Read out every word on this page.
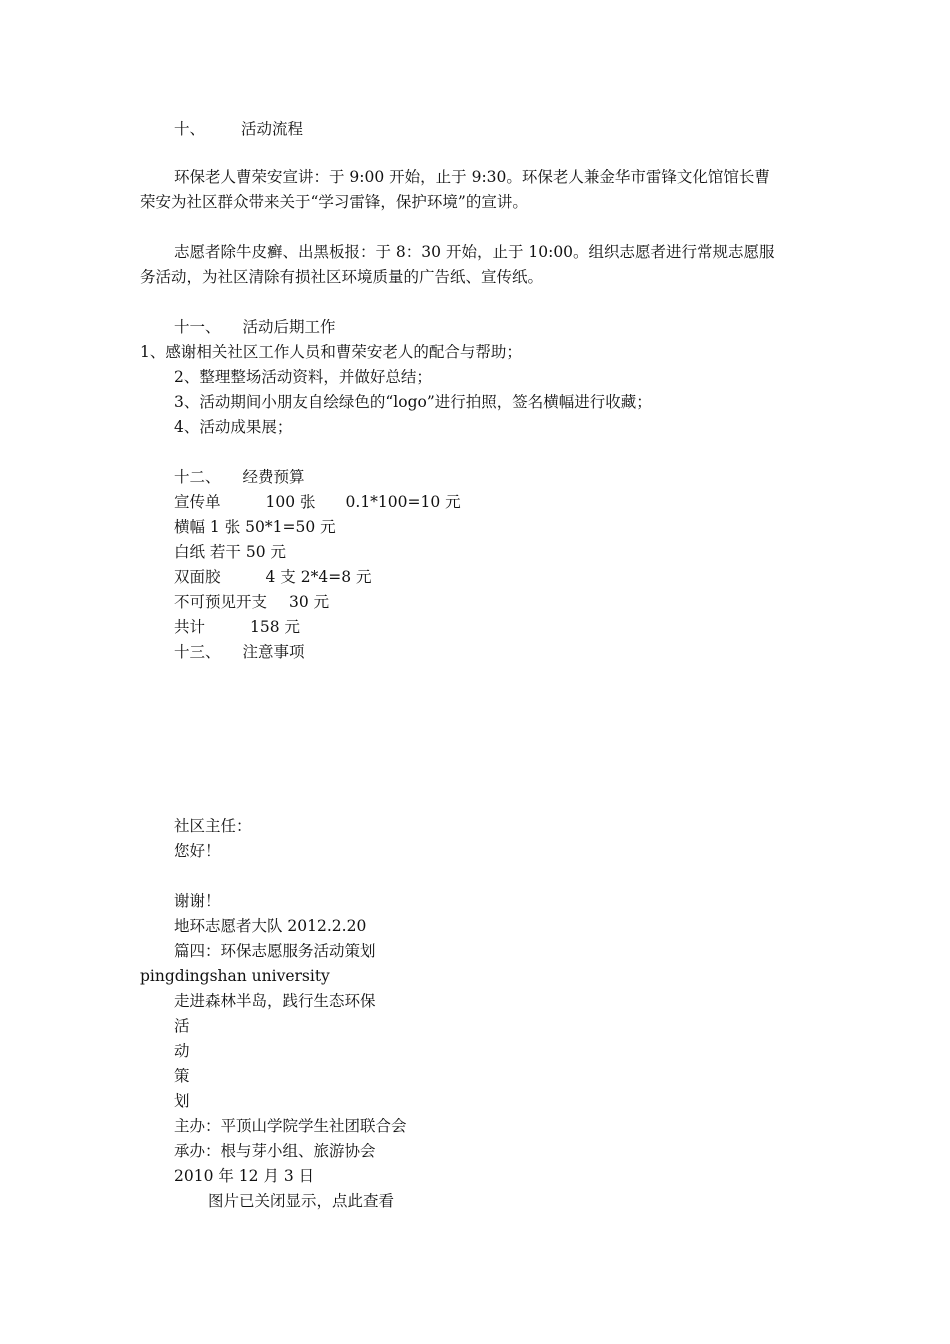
十、 活动流程
环保老人曹荣安宣讲：于 9:00 开始，止于 9:30。环保老人兼金华市雷锋文化馆馆长曹
荣安为社区群众带来关于“学习雷锋，保护环境”的宣讲。
志愿者除牛皮癣、出黑板报：于 8：30 开始，止于 10:00。组织志愿者进行常规志愿服
务活动，为社区清除有损社区环境质量的广告纸、宣传纸。
十一、 活动后期工作
1、感谢相关社区工作人员和曹荣安老人的配合与帮助；
2、整理整场活动资料，并做好总结；
3、活动期间小朋友自绘绿色的“logo”进行拍照，签名横幅进行收藏；
4、活动成果展；
十二、 经费预算
宣传单	100 张 0.1*100=10 元
横幅 1 张 50*1=50 元
白纸 若干 50 元
双面胶	4 支 2*4=8 元
不可预见开支 30 元
共计	158 元
十三、 注意事项
社区主任：
您好！
谢谢！
地环志愿者大队 2012.2.20
篇四：环保志愿服务活动策划
pingdingshan university
走进森林半岛，践行生态环保
活
动
策
划
主办：平顶山学院学生社团联合会
承办：根与芽小组、旅游协会
2010 年 12 月 3 日
图片已关闭显示，点此查看
